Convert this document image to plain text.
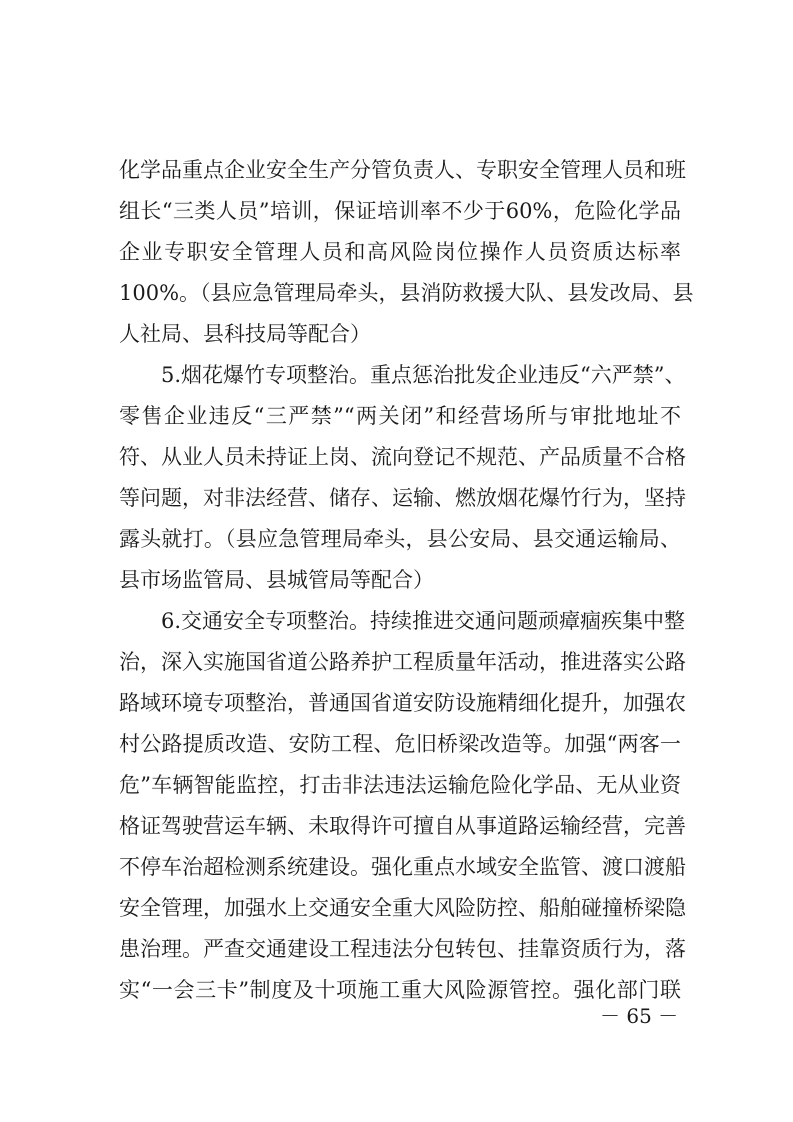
化学品重点企业安全生产分管负责人、专职安全管理人员和班
组长“三类人员”培训，保证培训率不少于60%，危险化学品
企业专职安全管理人员和高风险岗位操作人员资质达标率
100%。（县应急管理局牵头，县消防救援大队、县发改局、县
人社局、县科技局等配合）
5.烟花爆竹专项整治。重点惩治批发企业违反“六严禁”、
零售企业违反“三严禁”“两关闭”和经营场所与审批地址不
符、从业人员未持证上岗、流向登记不规范、产品质量不合格
等问题，对非法经营、储存、运输、燃放烟花爆竹行为，坚持
露头就打。（县应急管理局牵头，县公安局、县交通运输局、
县市场监管局、县城管局等配合）
6.交通安全专项整治。持续推进交通问题顽瘴痼疾集中整
治，深入实施国省道公路养护工程质量年活动，推进落实公路
路域环境专项整治，普通国省道安防设施精细化提升，加强农
村公路提质改造、安防工程、危旧桥梁改造等。加强“两客一
危”车辆智能监控，打击非法违法运输危险化学品、无从业资
格证驾驶营运车辆、未取得许可擅自从事道路运输经营，完善
不停车治超检测系统建设。强化重点水域安全监管、渡口渡船
安全管理，加强水上交通安全重大风险防控、船舶碰撞桥梁隐
患治理。严查交通建设工程违法分包转包、挂靠资质行为，落
实“一会三卡”制度及十项施工重大风险源管控。强化部门联
－ 65 －
